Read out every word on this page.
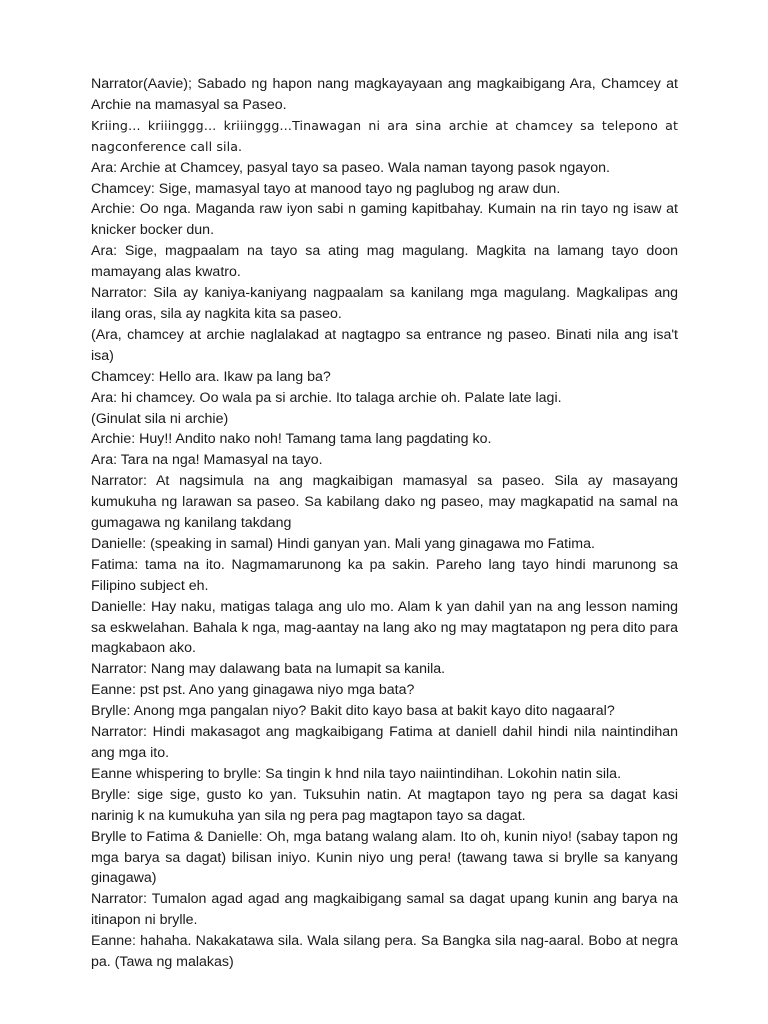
Narrator(Aavie); Sabado ng hapon nang magkayayaan ang magkaibigang Ara, Chamcey at Archie na mamasyal sa Paseo.

Kriing… kriiinggg… kriiinggg…Tinawagan ni ara sina archie at chamcey sa telepono at nagconference call sila.

Ara: Archie at Chamcey, pasyal tayo sa paseo. Wala naman tayong pasok ngayon.

Chamcey: Sige, mamasyal tayo at manood tayo ng paglubog ng araw dun.

Archie: Oo nga. Maganda raw iyon sabi n gaming kapitbahay. Kumain na rin tayo ng isaw at knicker bocker dun.

Ara: Sige, magpaalam na tayo sa ating mag magulang. Magkita na lamang tayo doon mamayang alas kwatro.

Narrator: Sila ay kaniya-kaniyang nagpaalam sa kanilang mga magulang. Magkalipas ang ilang oras, sila ay nagkita kita sa paseo.

(Ara, chamcey at archie naglalakad at nagtagpo sa entrance ng paseo. Binati nila ang isa't isa)

Chamcey: Hello ara. Ikaw pa lang ba?

Ara: hi chamcey. Oo wala pa si archie. Ito talaga archie oh. Palate late lagi.

(Ginulat sila ni archie)

Archie: Huy!! Andito nako noh! Tamang tama lang pagdating ko.

Ara: Tara na nga! Mamasyal na tayo.

Narrator: At nagsimula na ang magkaibigan mamasyal sa paseo. Sila ay masayang kumukuha ng larawan sa paseo. Sa kabilang dako ng paseo, may magkapatid na samal na gumagawa ng kanilang takdang

Danielle: (speaking in samal) Hindi ganyan yan. Mali yang ginagawa mo Fatima.

Fatima: tama na ito. Nagmamarunong ka pa sakin. Pareho lang tayo hindi marunong sa Filipino subject eh.

Danielle: Hay naku, matigas talaga ang ulo mo. Alam k yan dahil yan na ang lesson naming sa eskwelahan. Bahala k nga, mag-aantay na lang ako ng may magtatapon ng pera dito para magkabaon ako.

Narrator: Nang may dalawang bata na lumapit sa kanila.

Eanne: pst pst. Ano yang ginagawa niyo mga bata?

Brylle: Anong mga pangalan niyo? Bakit dito kayo basa at bakit kayo dito nagaaral?

Narrator: Hindi makasagot ang magkaibigang Fatima at daniell dahil hindi nila naintindihan ang mga ito.

Eanne whispering to brylle: Sa tingin k hnd nila tayo naiintindihan. Lokohin natin sila.

Brylle: sige sige, gusto ko yan. Tuksuhin natin. At magtapon tayo ng pera sa dagat kasi narinig k na kumukuha yan sila ng pera pag magtapon tayo sa dagat.

Brylle to Fatima & Danielle: Oh, mga batang walang alam. Ito oh, kunin niyo! (sabay tapon ng mga barya sa dagat) bilisan iniyo. Kunin niyo ung pera! (tawang tawa si brylle sa kanyang ginagawa)

Narrator: Tumalon agad agad ang magkaibigang samal sa dagat upang kunin ang barya na itinapon ni brylle.

Eanne: hahaha. Nakakatawa sila. Wala silang pera. Sa Bangka sila nag-aaral. Bobo at negra pa. (Tawa ng malakas)
